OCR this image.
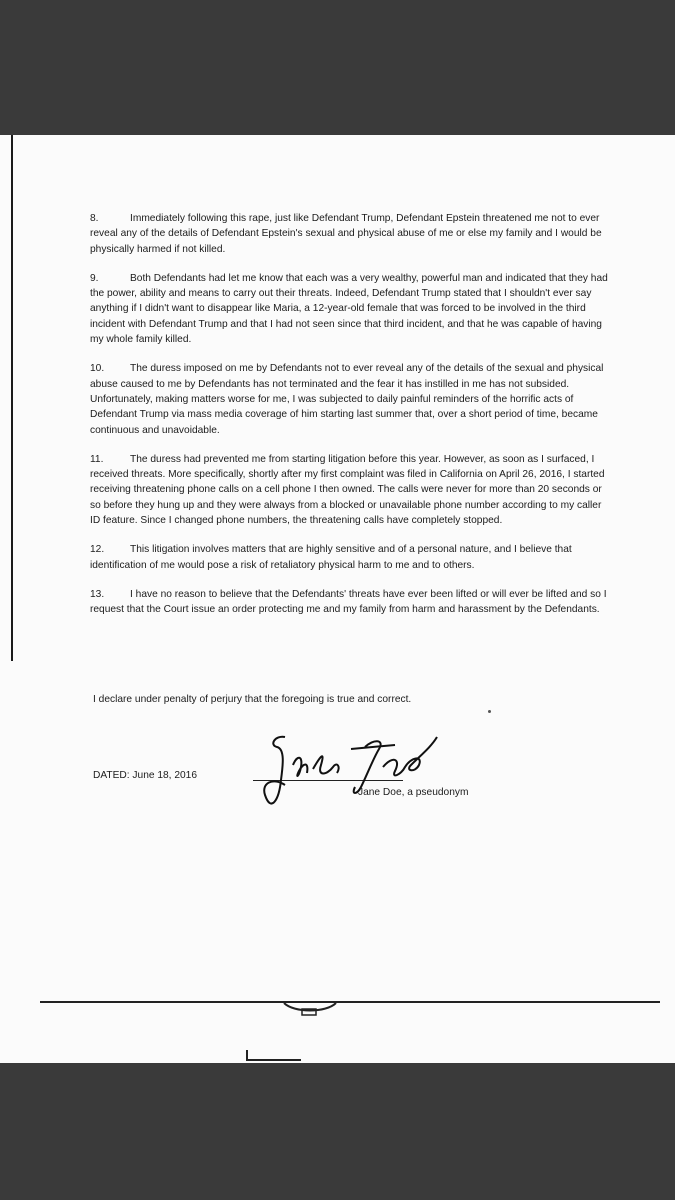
8.	Immediately following this rape, just like Defendant Trump, Defendant Epstein threatened me not to ever reveal any of the details of Defendant Epstein's sexual and physical abuse of me or else my family and I would be physically harmed if not killed.

9.	Both Defendants had let me know that each was a very wealthy, powerful man and indicated that they had the power, ability and means to carry out their threats. Indeed, Defendant Trump stated that I shouldn't ever say anything if I didn't want to disappear like Maria, a 12-year-old female that was forced to be involved in the third incident with Defendant Trump and that I had not seen since that third incident, and that he was capable of having my whole family killed.

10.	The duress imposed on me by Defendants not to ever reveal any of the details of the sexual and physical abuse caused to me by Defendants has not terminated and the fear it has instilled in me has not subsided. Unfortunately, making matters worse for me, I was subjected to daily painful reminders of the horrific acts of Defendant Trump via mass media coverage of him starting last summer that, over a short period of time, became continuous and unavoidable.

11.	The duress had prevented me from starting litigation before this year. However, as soon as I surfaced, I received threats. More specifically, shortly after my first complaint was filed in California on April 26, 2016, I started receiving threatening phone calls on a cell phone I then owned. The calls were never for more than 20 seconds or so before they hung up and they were always from a blocked or unavailable phone number according to my caller ID feature. Since I changed phone numbers, the threatening calls have completely stopped.

12.	This litigation involves matters that are highly sensitive and of a personal nature, and I believe that identification of me would pose a risk of retaliatory physical harm to me and to others.

13.	I have no reason to believe that the Defendants' threats have ever been lifted or will ever be lifted and so I request that the Court issue an order protecting me and my family from harm and harassment by the Defendants.

I declare under penalty of perjury that the foregoing is true and correct.
DATED: June 18, 2016
Jane Doe, a pseudonym
